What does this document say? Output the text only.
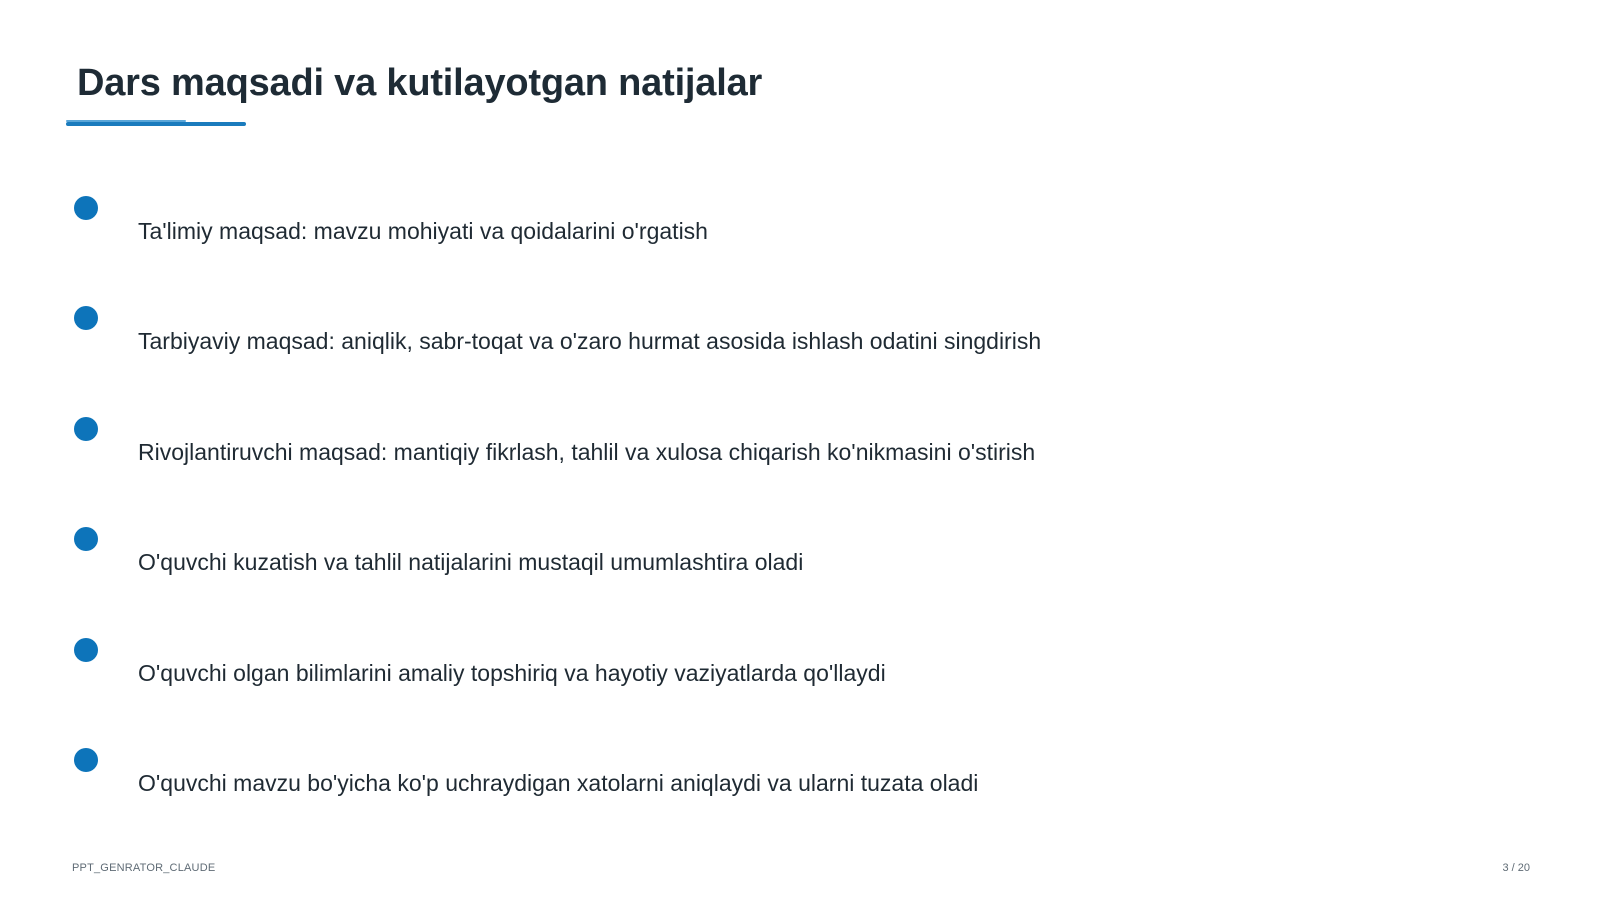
Dars maqsadi va kutilayotgan natijalar
Ta'limiy maqsad: mavzu mohiyati va qoidalarini o'rgatish
Tarbiyaviy maqsad: aniqlik, sabr-toqat va o'zaro hurmat asosida ishlash odatini singdirish
Rivojlantiruvchi maqsad: mantiqiy fikrlash, tahlil va xulosa chiqarish ko'nikmasini o'stirish
O'quvchi kuzatish va tahlil natijalarini mustaqil umumlashtira oladi
O'quvchi olgan bilimlarini amaliy topshiriq va hayotiy vaziyatlarda qo'llaydi
O'quvchi mavzu bo'yicha ko'p uchraydigan xatolarni aniqlaydi va ularni tuzata oladi
PPT_GENRATOR_CLAUDE	3 / 20
